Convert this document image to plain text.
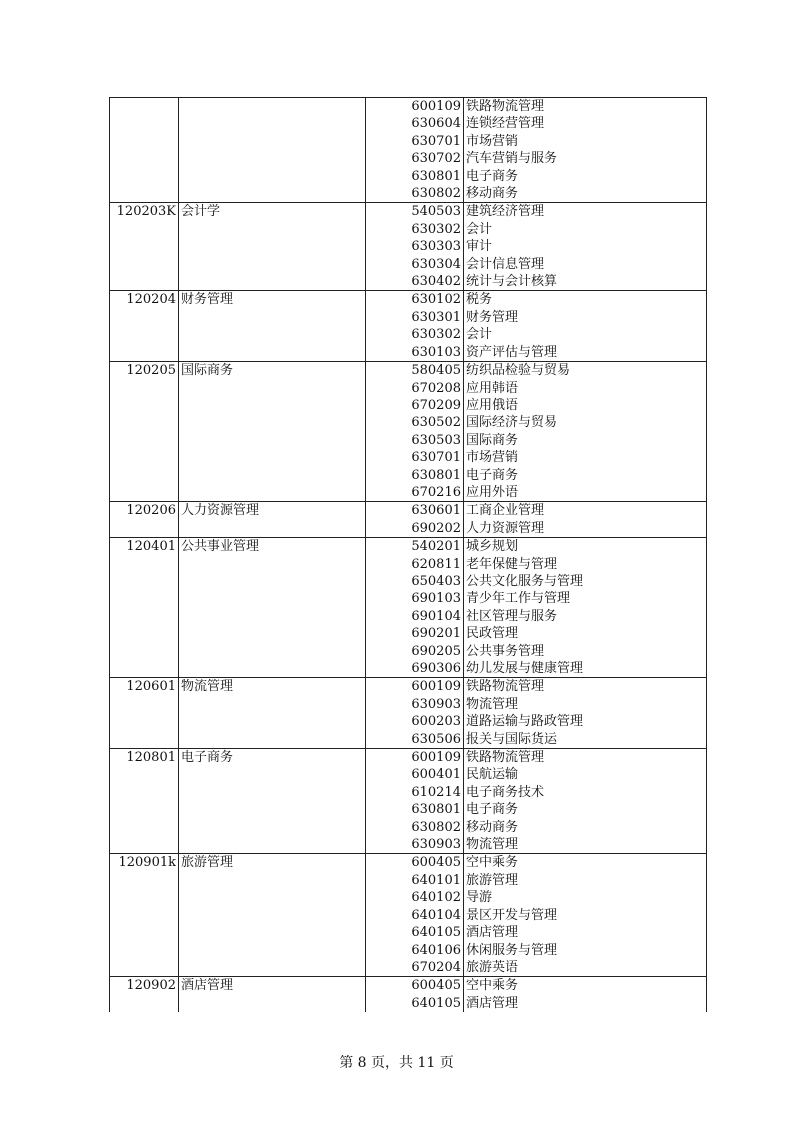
		600109	铁路物流管理

		630604	连锁经营管理

		630701	市场营销

		630702	汽车营销与服务

		630801	电子商务

		630802	移动商务

120203K	会计学	540503	建筑经济管理

		630302	会计

		630303	审计

		630304	会计信息管理

		630402	统计与会计核算

120204	财务管理	630102	税务

		630301	财务管理

		630302	会计

		630103	资产评估与管理

120205	国际商务	580405	纺织品检验与贸易

		670208	应用韩语

		670209	应用俄语

		630502	国际经济与贸易

		630503	国际商务

		630701	市场营销

		630801	电子商务

		670216	应用外语

120206	人力资源管理	630601	工商企业管理

		690202	人力资源管理

120401	公共事业管理	540201	城乡规划

		620811	老年保健与管理

		650403	公共文化服务与管理

		690103	青少年工作与管理

		690104	社区管理与服务

		690201	民政管理

		690205	公共事务管理

		690306	幼儿发展与健康管理

120601	物流管理	600109	铁路物流管理

		630903	物流管理

		600203	道路运输与路政管理

		630506	报关与国际货运

120801	电子商务	600109	铁路物流管理

		600401	民航运输

		610214	电子商务技术

		630801	电子商务

		630802	移动商务

		630903	物流管理

120901k	旅游管理	600405	空中乘务

		640101	旅游管理

		640102	导游

		640104	景区开发与管理

		640105	酒店管理

		640106	休闲服务与管理

		670204	旅游英语

120902	酒店管理	600405	空中乘务

		640105	酒店管理
第 8 页，共 11 页
